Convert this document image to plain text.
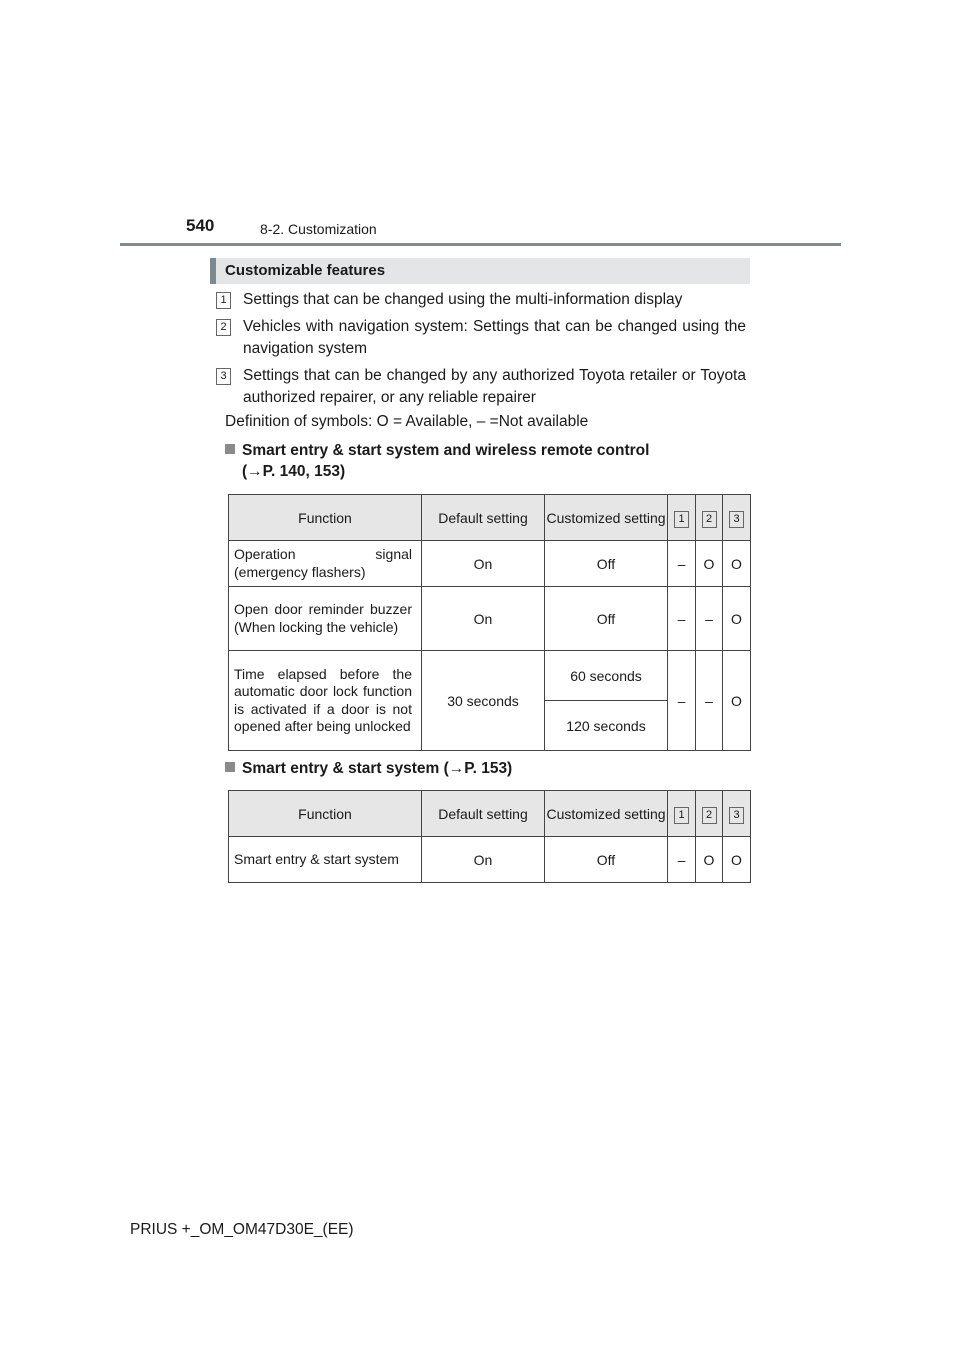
540	8-2. Customization
Customizable features
1 Settings that can be changed using the multi-information display
2 Vehicles with navigation system: Settings that can be changed using the navigation system
3 Settings that can be changed by any authorized Toyota retailer or Toyota authorized repairer, or any reliable repairer
Definition of symbols: O = Available, – =Not available
Smart entry & start system and wireless remote control
(→P. 140, 153)
Function	Default setting	Customized setting	1	2	3
Operation signal (emergency flashers)	On	Off	–	O	O
Open door reminder buzzer (When locking the vehicle)	On	Off	–	–	O
Time elapsed before the automatic door lock function is activated if a door is not opened after being unlocked	30 seconds	60 seconds	–	–	O
		120 seconds			
Smart entry & start system (→P. 153)
Function	Default setting	Customized setting	1	2	3
Smart entry & start system	On	Off	–	O	O
PRIUS +_OM_OM47D30E_(EE)
